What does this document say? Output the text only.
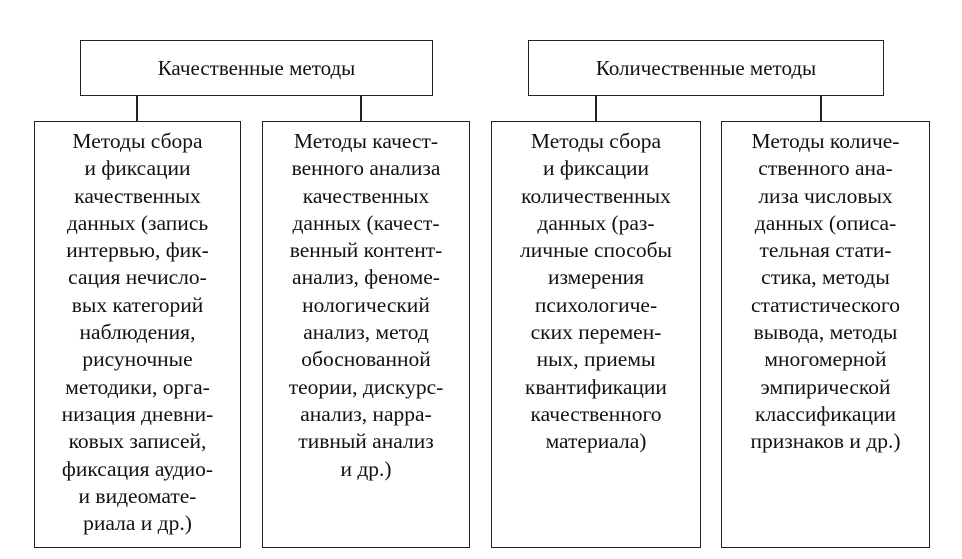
Качественные методы	Количественные методы
Методы сбора
и фиксации
качественных
данных (запись
интервью, фик-
сация нечисло-
вых категорий
наблюдения,
рисуночные
методики, орга-
низация дневни-
ковых записей,
фиксация аудио-
и видеомате-
риала и др.)
Методы качест-
венного анализа
качественных
данных (качест-
венный контент-
анализ, феноме-
нологический
анализ, метод
обоснованной
теории, дискурс-
анализ, нарра-
тивный анализ
и др.)
Методы сбора
и фиксации
количественных
данных (раз-
личные способы
измерения
психологиче-
ских перемен-
ных, приемы
квантификации
качественного
материала)
Методы количе-
ственного ана-
лиза числовых
данных (описа-
тельная стати-
стика, методы
статистического
вывода, методы
многомерной
эмпирической
классификации
признаков и др.)
